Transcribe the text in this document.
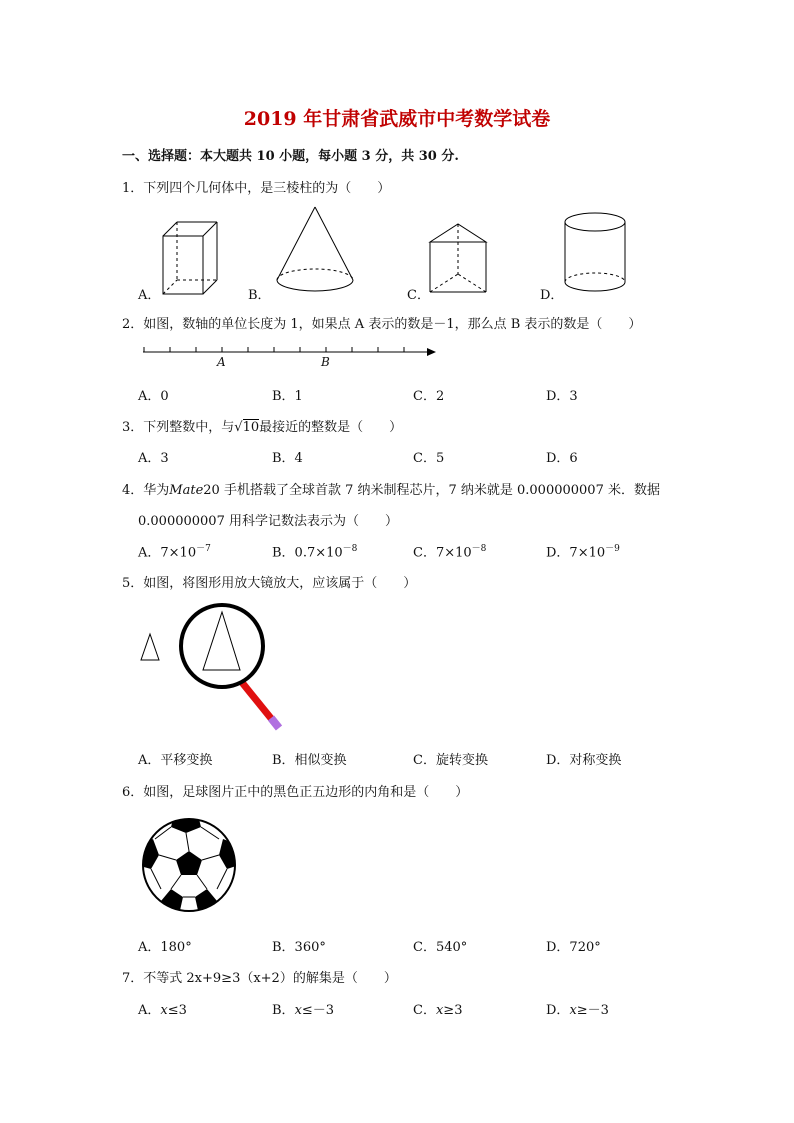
2019 年甘肃省武威市中考数学试卷
一、选择题：本大题共 10 小题，每小题 3 分，共 30 分.
1．下列四个几何体中，是三棱柱的为（　　）
A．	B．	C．	D．
2．如图，数轴的单位长度为 1，如果点 A 表示的数是－1，那么点 B 表示的数是（　　）
A	B
A．0	B．1	C．2	D．3
3．下列整数中，与√10最接近的整数是（　　）
A．3	B．4	C．5	D．6
4．华为Mate20 手机搭载了全球首款 7 纳米制程芯片，7 纳米就是 0.000000007 米．数据
0.000000007 用科学记数法表示为（　　）
A．$7\times 10^{-7}$	B．$0.7\times 10^{-8}$	C．$7\times 10^{-8}$	D．$7\times 10^{-9}$
5．如图，将图形用放大镜放大，应该属于（　　）
A．平移变换	B．相似变换	C．旋转变换	D．对称变换
6．如图，足球图片正中的黑色正五边形的内角和是（　　）
A．180°	B．360°	C．540°	D．720°
7．不等式 2x+9≥3（x+2）的解集是（　　）
A．x≤3	B．x≤－3	C．x≥3	D．x≥－3
